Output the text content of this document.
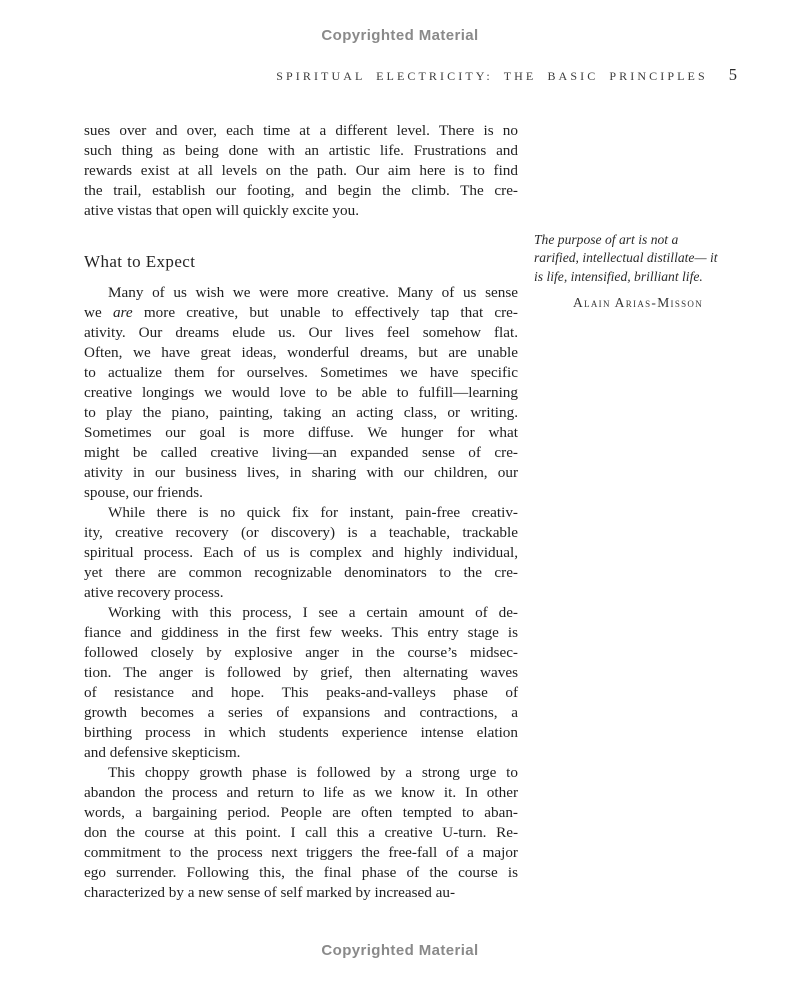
Copyrighted Material
SPIRITUAL ELECTRICITY: THE BASIC PRINCIPLES 5

sues over and over, each time at a different level. There is no
such thing as being done with an artistic life. Frustrations and
rewards exist at all levels on the path. Our aim here is to find
the trail, establish our footing, and begin the climb. The cre-
ative vistas that open will quickly excite you.

What to Expect

Many of us wish we were more creative. Many of us sense
we are more creative, but unable to effectively tap that cre-
ativity. Our dreams elude us. Our lives feel somehow flat.
Often, we have great ideas, wonderful dreams, but are unable
to actualize them for ourselves. Sometimes we have specific
creative longings we would love to be able to fulfill—learning
to play the piano, painting, taking an acting class, or writing.
Sometimes our goal is more diffuse. We hunger for what
might be called creative living—an expanded sense of cre-
ativity in our business lives, in sharing with our children, our
spouse, our friends.

While there is no quick fix for instant, pain-free creativ-
ity, creative recovery (or discovery) is a teachable, trackable
spiritual process. Each of us is complex and highly individual,
yet there are common recognizable denominators to the cre-
ative recovery process.

Working with this process, I see a certain amount of de-
fiance and giddiness in the first few weeks. This entry stage is
followed closely by explosive anger in the course’s midsec-
tion. The anger is followed by grief, then alternating waves
of resistance and hope. This peaks-and-valleys phase of
growth becomes a series of expansions and contractions, a
birthing process in which students experience intense elation
and defensive skepticism.

This choppy growth phase is followed by a strong urge to
abandon the process and return to life as we know it. In other
words, a bargaining period. People are often tempted to aban-
don the course at this point. I call this a creative U-turn. Re-
commitment to the process next triggers the free-fall of a major
ego surrender. Following this, the final phase of the course is
characterized by a new sense of self marked by increased au-

The purpose of art is not a
rarified, intellectual distillate— it
is life, intensified, brilliant life.
Alain Arias-Misson
Copyrighted Material
